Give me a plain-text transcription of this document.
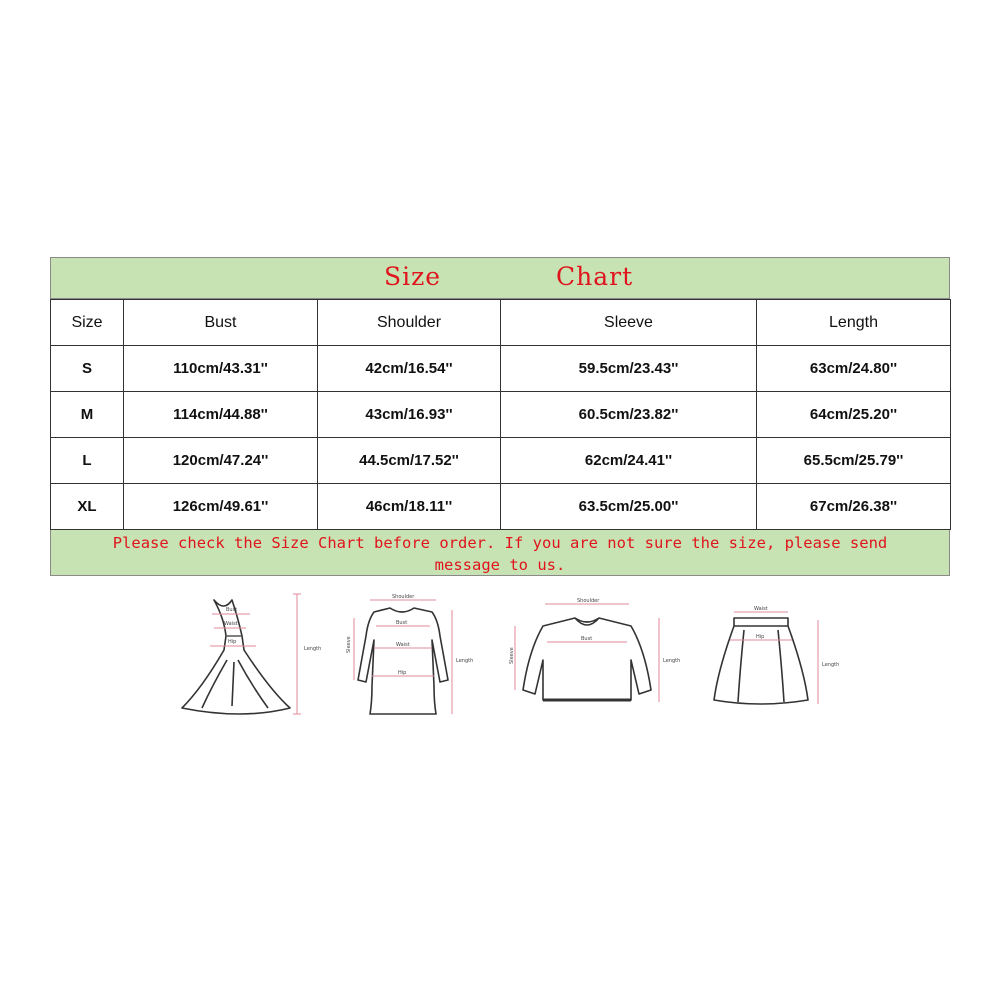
Size	Chart
Size	Bust	Shoulder	Sleeve	Length
S	110cm/43.31''	42cm/16.54''	59.5cm/23.43''	63cm/24.80''
M	114cm/44.88''	43cm/16.93''	60.5cm/23.82''	64cm/25.20''
L	120cm/47.24''	44.5cm/17.52''	62cm/24.41''	65.5cm/25.79''
XL	126cm/49.61''	46cm/18.11''	63.5cm/25.00''	67cm/26.38''
Please check the Size Chart before order. If you are not sure the size, please send
message to us.
Bust
Waist
Hip
Length
Shoulder
Bust
Waist
Hip
Sleeve
Length
Shoulder
Bust
Sleeve	Length
Waist
Hip
Length
